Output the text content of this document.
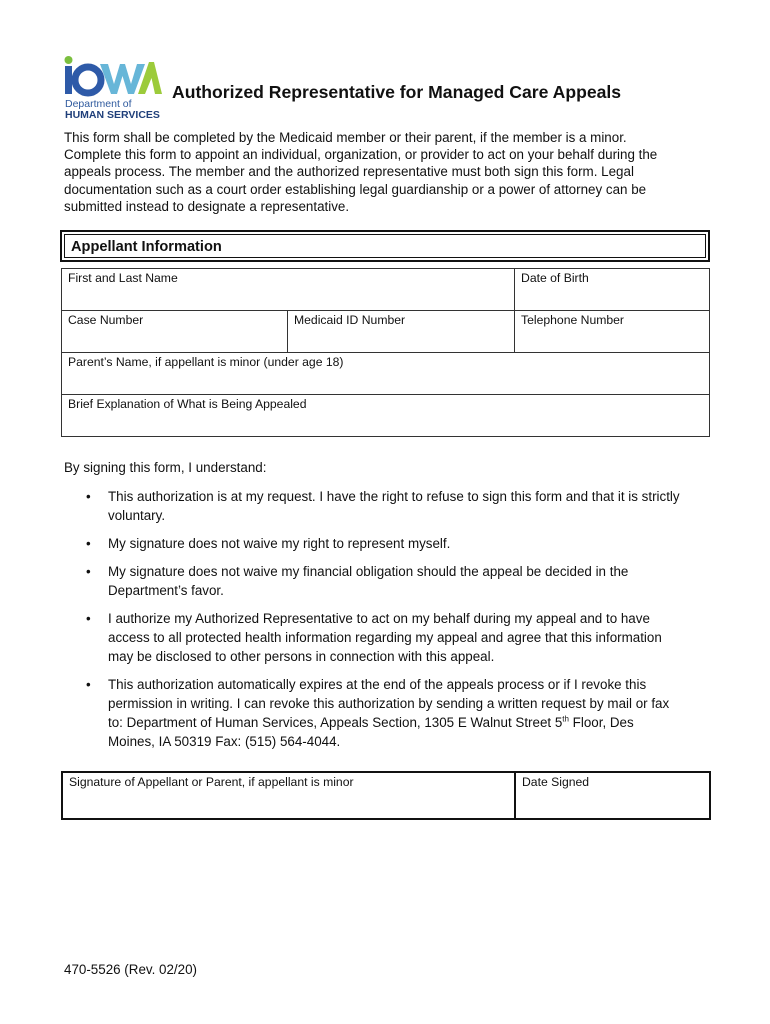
Department of
HUMAN SERVICES
Authorized Representative for Managed Care Appeals
This form shall be completed by the Medicaid member or their parent, if the member is a minor.
Complete this form to appoint an individual, organization, or provider to act on your behalf during the
appeals process. The member and the authorized representative must both sign this form. Legal
documentation such as a court order establishing legal guardianship or a power of attorney can be
submitted instead to designate a representative.
Appellant Information
First and Last Name		Date of Birth
Case Number	Medicaid ID Number	Telephone Number
Parent’s Name, if appellant is minor (under age 18)		
Brief Explanation of What is Being Appealed		
By signing this form, I understand:
• This authorization is at my request. I have the right to refuse to sign this form and that it is strictly
voluntary.
• My signature does not waive my right to represent myself.
• My signature does not waive my financial obligation should the appeal be decided in the
Department’s favor.
• I authorize my Authorized Representative to act on my behalf during my appeal and to have
access to all protected health information regarding my appeal and agree that this information
may be disclosed to other persons in connection with this appeal.
• This authorization automatically expires at the end of the appeals process or if I revoke this
permission in writing. I can revoke this authorization by sending a written request by mail or fax
to: Department of Human Services, Appeals Section, 1305 E Walnut Street 5th Floor, Des
Moines, IA 50319 Fax: (515) 564-4044.
Signature of Appellant or Parent, if appellant is minor	Date Signed
470-5526 (Rev. 02/20)
